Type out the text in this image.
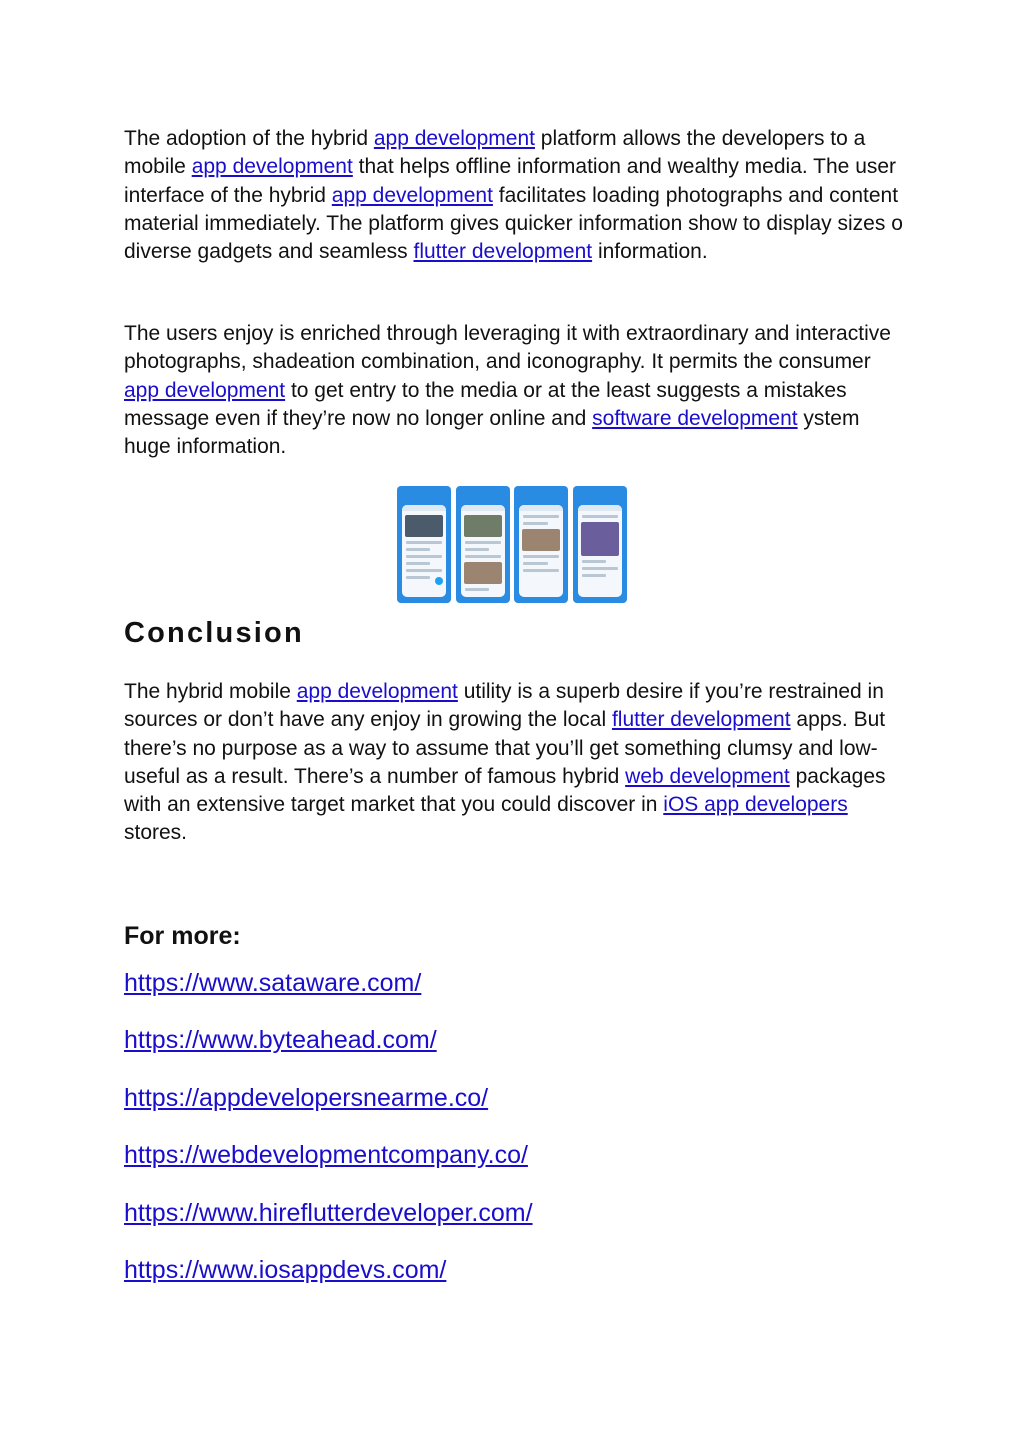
The adoption of the hybrid app development platform allows the developers to a mobile app development that helps offline information and wealthy media. The user interface of the hybrid app development facilitates loading photographs and content material immediately. The platform gives quicker information show to display sizes o diverse gadgets and seamless flutter development information.

The users enjoy is enriched through leveraging it with extraordinary and interactive photographs, shadeation combination, and iconography. It permits the consumer app development to get entry to the media or at the least suggests a mistakes message even if they’re now no longer online and software development ystem huge information.

Conclusion

The hybrid mobile app development utility is a superb desire if you’re restrained in sources or don’t have any enjoy in growing the local flutter development apps. But there’s no purpose as a way to assume that you’ll get something clumsy and low-useful as a result. There’s a number of famous hybrid web development packages with an extensive target market that you could discover in iOS app developers stores.

For more:
https://www.sataware.com/
https://www.byteahead.com/
https://appdevelopersnearme.co/
https://webdevelopmentcompany.co/
https://www.hireflutterdeveloper.com/
https://www.iosappdevs.com/
